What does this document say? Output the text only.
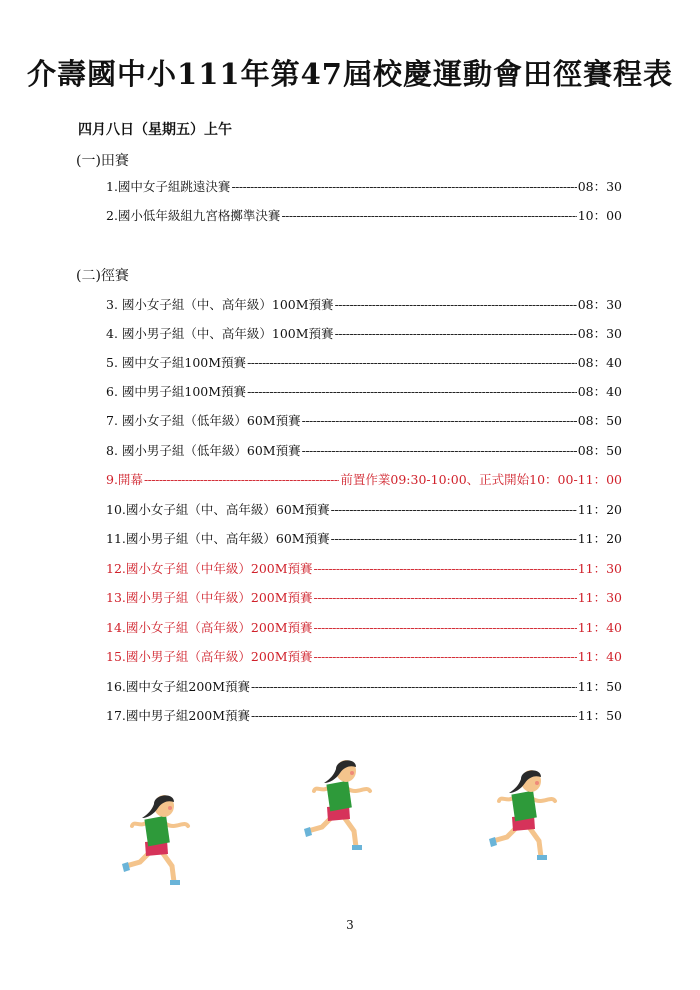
介壽國中小111年第47屆校慶運動會田徑賽程表
四月八日（星期五）上午
(一)田賽
1.國中女子組跳遠決賽 -----	08：30
2.國小低年級組九宮格擲準決賽 -----	10：00
(二)徑賽
3. 國小女子組（中、高年級）100M預賽 -----	08：30
4. 國小男子組（中、高年級）100M預賽 -----	08：30
5. 國中女子組100M預賽 -----	08：40
6. 國中男子組100M預賽 -----	08：40
7. 國小女子組（低年級）60M預賽 -----	08：50
8. 國小男子組（低年級）60M預賽 -----	08：50
9.開幕 -----	前置作業09:30-10:00、正式開始10：00-11：00
10.國小女子組（中、高年級）60M預賽 -----	11：20
11.國小男子組（中、高年級）60M預賽 -----	11：20
12.國小女子組（中年級）200M預賽 -----	11：30
13.國小男子組（中年級）200M預賽 -----	11：30
14.國小女子組（高年級）200M預賽 -----	11：40
15.國小男子組（高年級）200M預賽 -----	11：40
16.國中女子組200M預賽 -----	11：50
17.國中男子組200M預賽 -----	11：50
3
